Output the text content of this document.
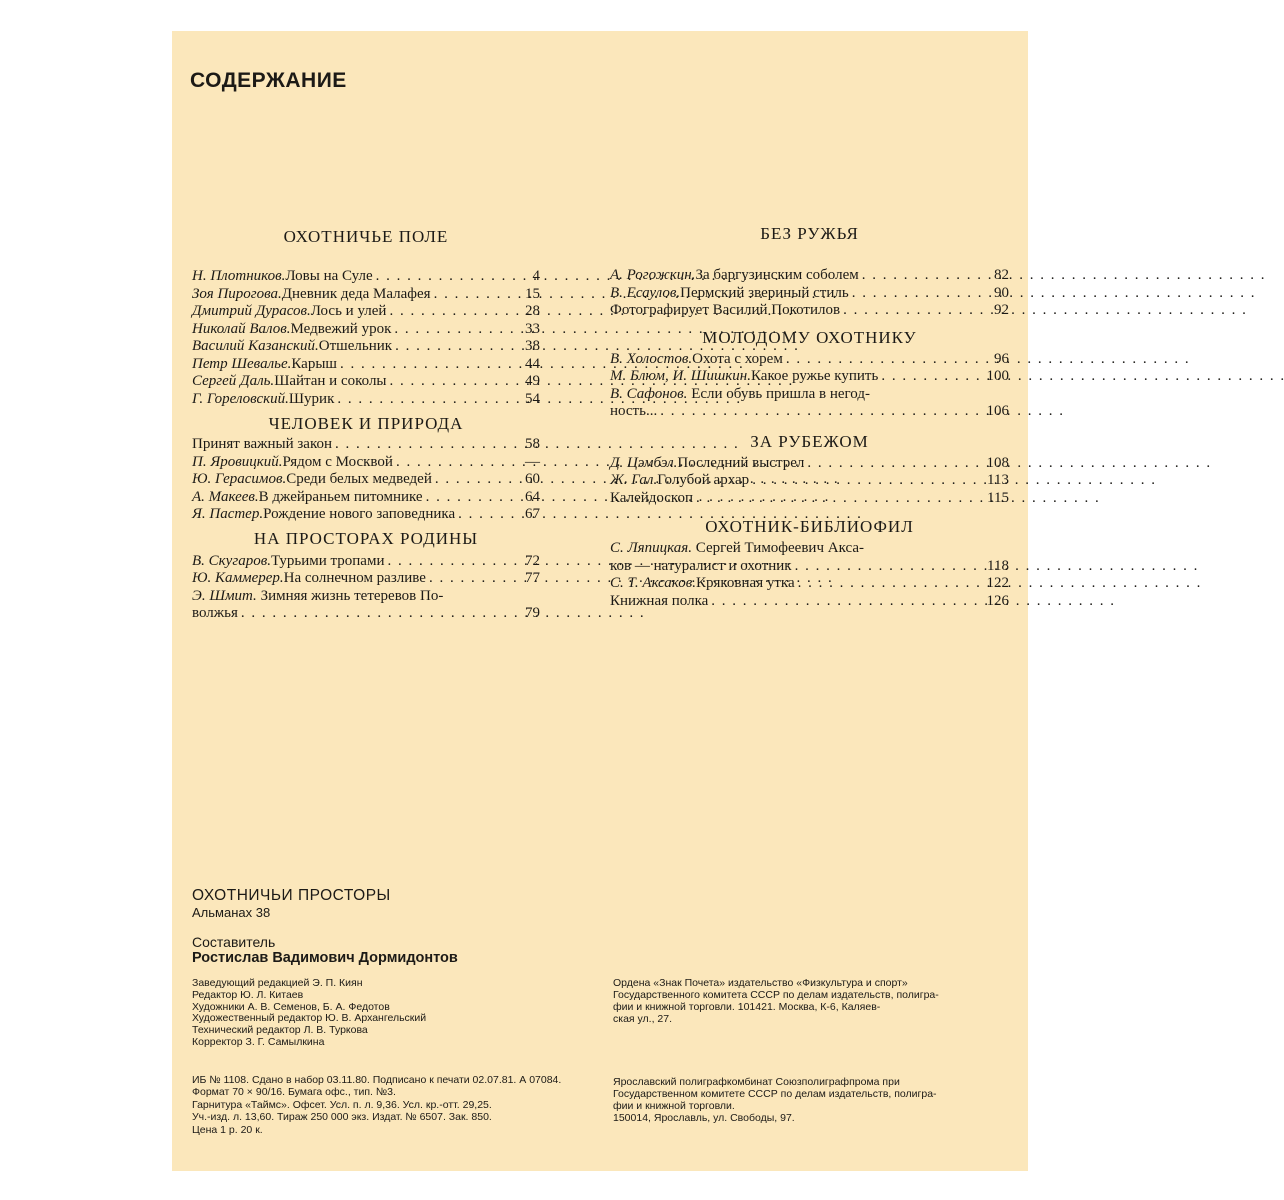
СОДЕРЖАНИЕ
ОХОТНИЧЬЕ ПОЛЕ
Н. Плотников. Ловы на Суле . . .	4
Зоя Пирогова. Дневник деда Малафея . . .	15
Дмитрий Дурасов. Лось и улей . . .	28
Николай Валов. Медвежий урок . . .	33
Василий Казанский. Отшельник . . .	38
Петр Шевалье. Карыш . . .	44
Сергей Даль. Шайтан и соколы . . .	49
Г. Гореловский. Шурик . . .	54
ЧЕЛОВЕК И ПРИРОДА
Принят важный закон . . .	58
П. Яровицкий. Рядом с Москвой . . .	—
Ю. Герасимов. Среди белых медведей . . .	60
А. Макеев. В джейраньем питомнике . . .	64
Я. Пастер. Рождение нового заповедника . . .	67
НА ПРОСТОРАХ РОДИНЫ
В. Скугаров. Турьими тропами . . .	72
Ю. Каммерер. На солнечном разливе . . .	77
Э. Шмит. Зимняя жизнь тетеревов По-
волжья . . .	79
БЕЗ РУЖЬЯ
А. Рогожкин. За баргузинским соболем . . .	82
В. Есаулов. Пермский звериный стиль . . .	90
Фотографирует Василий Покотилов . . .	92
МОЛОДОМУ ОХОТНИКУ
В. Холостов. Охота с хорем . . .	96
М. Блюм, И. Шишкин. Какое ружье купить . . .	100
В. Сафонов. Если обувь пришла в негод-
ность... . . .	106
ЗА РУБЕЖОМ
Д. Цэмбэл. Последний выстрел . . .	108
Ж. Гал. Голубой архар . . .	113
Калейдоскоп . . .	115
ОХОТНИК-БИБЛИОФИЛ
С. Ляпицкая. Сергей Тимофеевич Акса-
ков — натуралист и охотник . . .	118
С. Т. Аксаков. Кряковная утка . . .	122
Книжная полка . . .	126
ОХОТНИЧЬИ ПРОСТОРЫ
Альманах 38
Составитель
Ростислав Вадимович Дормидонтов
Заведующий редакцией Э. П. Киян
Редактор Ю. Л. Китаев
Художники А. В. Семенов, Б. А. Федотов
Художественный редактор Ю. В. Архангельский
Технический редактор Л. В. Туркова
Корректор З. Г. Самылкина
ИБ № 1108. Сдано в набор 03.11.80. Подписано к печати 02.07.81. А 07084. Формат 70 × 90/16. Бумага офс., тип. №3.
Гарнитура «Таймс». Офсет. Усл. п. л. 9,36. Усл. кр.-отт. 29,25.
Уч.-изд. л. 13,60. Тираж 250 000 экз. Издат. № 6507. Зак. 850.
Цена 1 р. 20 к.
Ордена «Знак Почета» издательство «Физкультура и спорт»
Государственного комитета СССР по делам издательств, полигра-
фии и книжной торговли. 101421. Москва, К-6, Каляев-
ская ул., 27.
Ярославский полиграфкомбинат Союзполиграфпрома при
Государственном комитете СССР по делам издательств, полигра-
фии и книжной торговли.
150014, Ярославль, ул. Свободы, 97.
